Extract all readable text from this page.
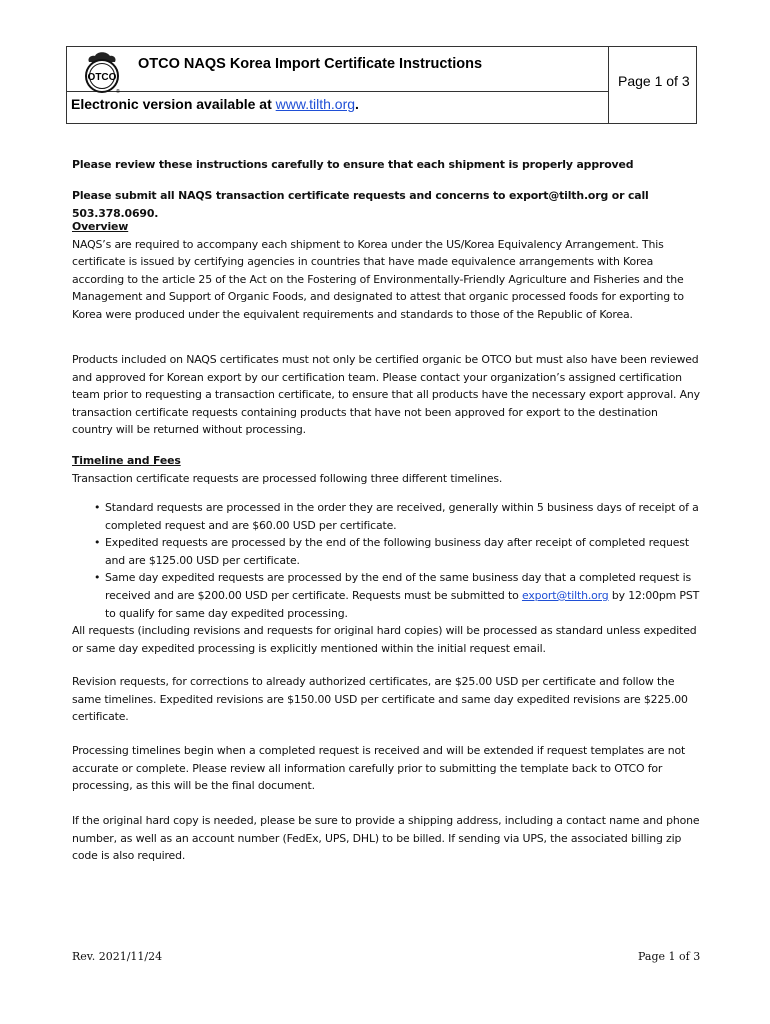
OTCO
®
OTCO NAQS Korea Import Certificate Instructions
Page 1 of 3
Electronic version available at www.tilth.org.
Please review these instructions carefully to ensure that each shipment is properly approved
Please submit all NAQS transaction certificate requests and concerns to export@tilth.org or call 503.378.0690.
Overview

NAQS’s are required to accompany each shipment to Korea under the US/Korea Equivalency Arrangement. This certificate is issued by certifying agencies in countries that have made equivalence arrangements with Korea according to the article 25 of the Act on the Fostering of Environmentally-Friendly Agriculture and Fisheries and the Management and Support of Organic Foods, and designated to attest that organic processed foods for exporting to Korea were produced under the equivalent requirements and standards to those of the Republic of Korea.

Products included on NAQS certificates must not only be certified organic be OTCO but must also have been reviewed and approved for Korean export by our certification team. Please contact your organization’s assigned certification team prior to requesting a transaction certificate, to ensure that all products have the necessary export approval. Any transaction certificate requests containing products that have not been approved for export to the destination country will be returned without processing.

Timeline and Fees

Transaction certificate requests are processed following three different timelines.

• Standard requests are processed in the order they are received, generally within 5 business days of receipt of a completed request and are $60.00 USD per certificate.
• Expedited requests are processed by the end of the following business day after receipt of completed request and are $125.00 USD per certificate.
• Same day expedited requests are processed by the end of the same business day that a completed request is received and are $200.00 USD per certificate. Requests must be submitted to export@tilth.org by 12:00pm PST to qualify for same day expedited processing.

All requests (including revisions and requests for original hard copies) will be processed as standard unless expedited or same day expedited processing is explicitly mentioned within the initial request email.

Revision requests, for corrections to already authorized certificates, are $25.00 USD per certificate and follow the same timelines. Expedited revisions are $150.00 USD per certificate and same day expedited revisions are $225.00 certificate.

Processing timelines begin when a completed request is received and will be extended if request templates are not accurate or complete. Please review all information carefully prior to submitting the template back to OTCO for processing, as this will be the final document.

If the original hard copy is needed, please be sure to provide a shipping address, including a contact name and phone number, as well as an account number (FedEx, UPS, DHL) to be billed. If sending via UPS, the associated billing zip code is also required.

Rev. 2021/11/24	Page 1 of 3
